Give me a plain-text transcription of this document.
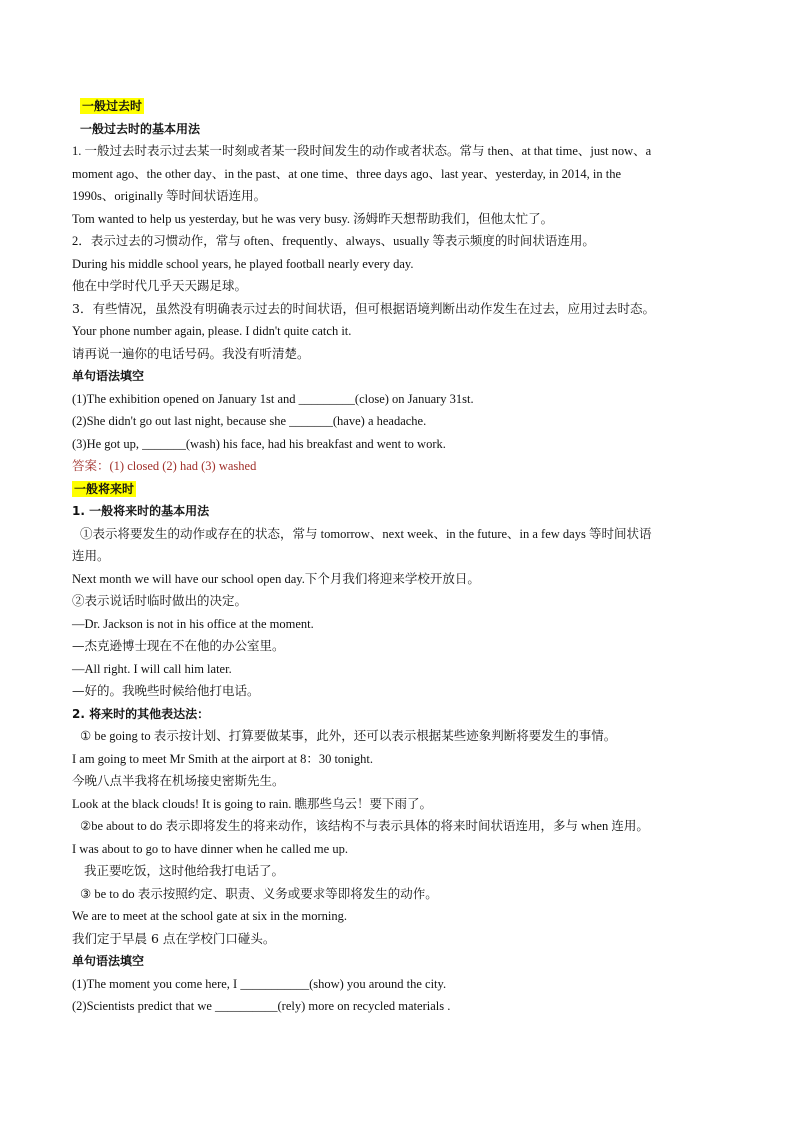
一般过去时
一般过去时的基本用法
1. 一般过去时表示过去某一时刻或者某一段时间发生的动作或者状态。常与 then、at that time、just now、a
moment ago、the other day、in the past、at one time、three days ago、last year、yesterday, in 2014, in the
1990s、originally 等时间状语连用。
Tom wanted to help us yesterday, but he was very busy. 汤姆昨天想帮助我们，但他太忙了。
2．表示过去的习惯动作，常与 often、frequently、always、usually 等表示频度的时间状语连用。
During his middle school years, he played football nearly every day.
他在中学时代几乎天天踢足球。
3．有些情况，虽然没有明确表示过去的时间状语，但可根据语境判断出动作发生在过去，应用过去时态。
Your phone number again, please. I didn't quite catch it.
请再说一遍你的电话号码。我没有听清楚。
单句语法填空
(1)The exhibition opened on January 1st and _________(close) on January 31st.
(2)She didn't go out last night, because she _______(have) a headache.
(3)He got up, _______(wash) his face, had his breakfast and went to work.
答案：(1) closed (2) had (3) washed
一般将来时
1. 一般将来时的基本用法
①表示将要发生的动作或存在的状态，常与 tomorrow、next week、in the future、in a few days 等时间状语
连用。
Next month we will have our school open day.下个月我们将迎来学校开放日。
②表示说话时临时做出的决定。
—Dr. Jackson is not in his office at the moment.
—杰克逊博士现在不在他的办公室里。
—All right. I will call him later.
—好的。我晚些时候给他打电话。
2. 将来时的其他表达法：
① be going to 表示按计划、打算要做某事，此外，还可以表示根据某些迹象判断将要发生的事情。
I am going to meet Mr Smith at the airport at 8：30 tonight.
今晚八点半我将在机场接史密斯先生。
Look at the black clouds! It is going to rain. 瞧那些乌云！要下雨了。
②be about to do 表示即将发生的将来动作，该结构不与表示具体的将来时间状语连用，多与 when 连用。
I was about to go to have dinner when he called me up.
我正要吃饭，这时他给我打电话了。
③ be to do 表示按照约定、职责、义务或要求等即将发生的动作。
We are to meet at the school gate at six in the morning.
我们定于早晨 6 点在学校门口碰头。
单句语法填空
(1)The moment you come here, I ___________(show) you around the city.
(2)Scientists predict that we __________(rely) more on recycled materials .
